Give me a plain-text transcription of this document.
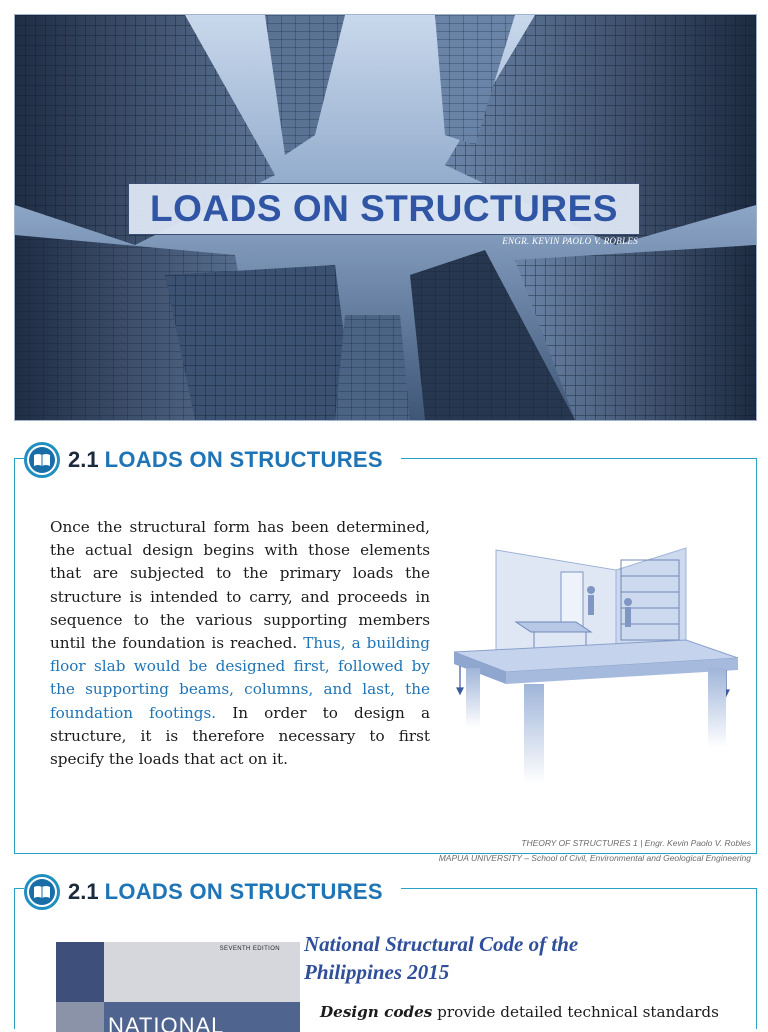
LOADS ON STRUCTURES
ENGR. KEVIN PAOLO V. ROBLES
2.1 LOADS ON STRUCTURES
Once the structural form has been determined, the actual design begins with those elements that are subjected to the primary loads the structure is intended to carry, and proceeds in sequence to the various supporting members until the foundation is reached. Thus, a building floor slab would be designed first, followed by the supporting beams, columns, and last, the foundation footings. In order to design a structure, it is therefore necessary to first specify the loads that act on it.
THEORY OF STRUCTURES 1 | Engr. Kevin Paolo V. Robles
MAPUA UNIVERSITY – School of Civil, Environmental and Geological Engineering
2.1 LOADS ON STRUCTURES
SEVENTH EDITION
NATIONAL
National Structural Code of the Philippines 2015
Design codes provide detailed technical standards
